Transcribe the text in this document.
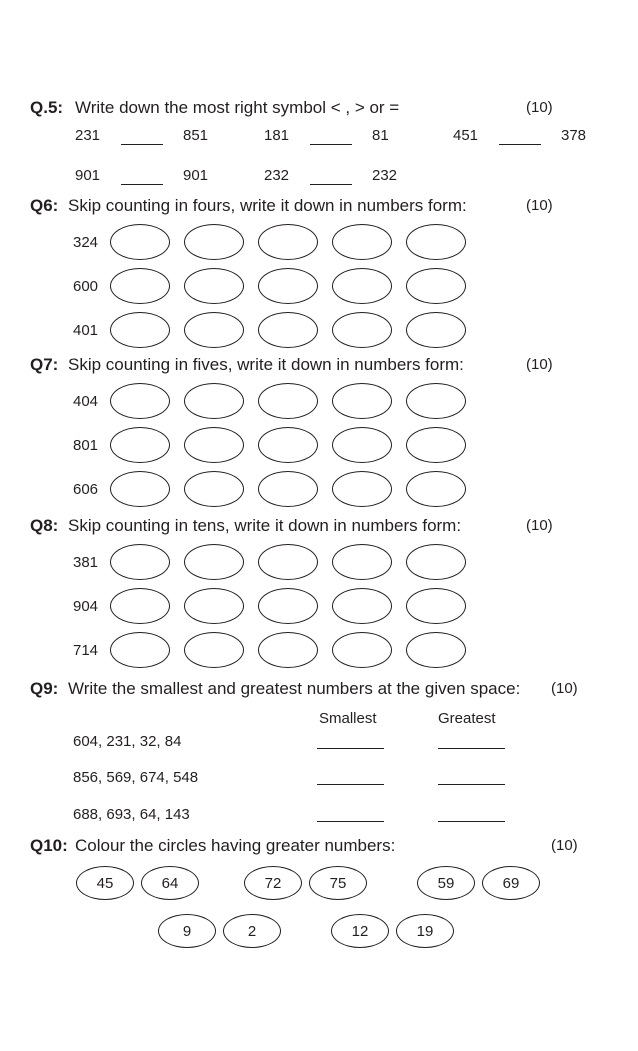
Q.5: Write down the most right symbol < , > or =	(10)
231	851	181	81	451	378
901	901	232	232
Q6: Skip counting in fours, write it down in numbers form:	(10)
324
600
401
Q7: Skip counting in fives, write it down in numbers form:	(10)
404
801
606
Q8: Skip counting in tens, write it down in numbers form:	(10)
381
904
714
Q9: Write the smallest and greatest numbers at the given space: (10)
Smallest	Greatest
604, 231, 32, 84
856, 569, 674, 548
688, 693, 64, 143
Q10: Colour the circles having greater numbers:	(10)
45	64	72	75	59	69
9	2	12	19
